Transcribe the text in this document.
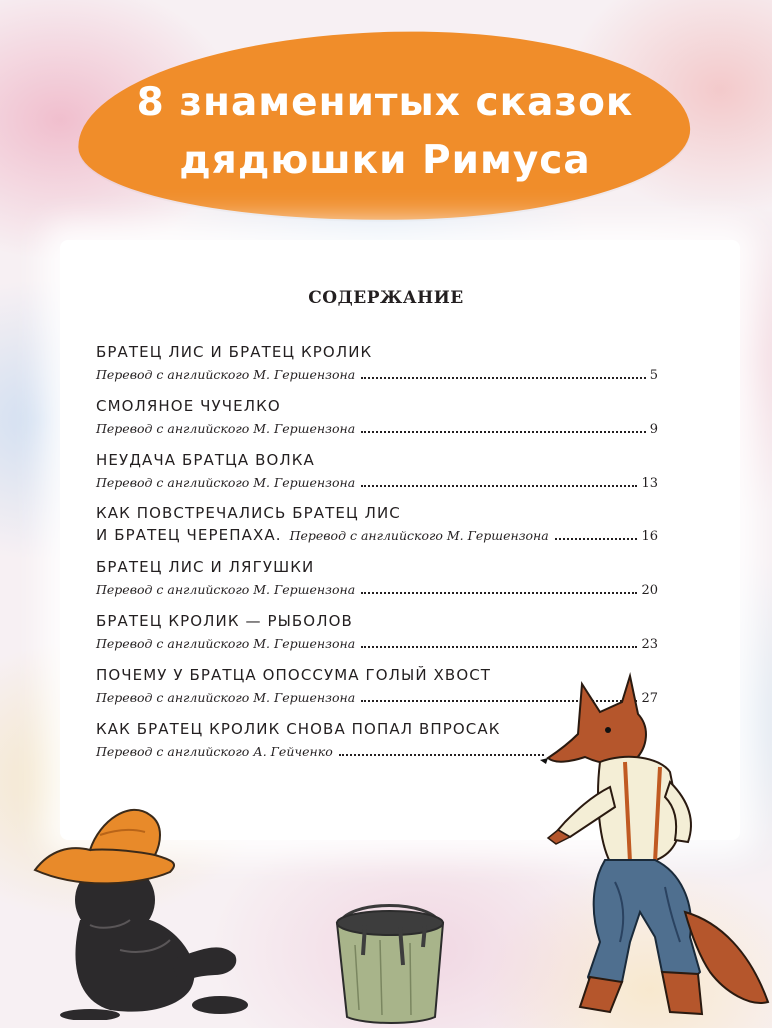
8 знаменитых сказок
дядюшки Римуса
СОДЕРЖАНИЕ
БРАТЕЦ ЛИС И БРАТЕЦ КРОЛИК
Перевод с английского М. Гершензона	5
СМОЛЯНОЕ ЧУЧЕЛКО
Перевод с английского М. Гершензона	9
НЕУДАЧА БРАТЦА ВОЛКА
Перевод с английского М. Гершензона	13
КАК ПОВСТРЕЧАЛИСЬ БРАТЕЦ ЛИС
И БРАТЕЦ ЧЕРЕПАХА. Перевод с английского М. Гершензона	16
БРАТЕЦ ЛИС И ЛЯГУШКИ
Перевод с английского М. Гершензона	20
БРАТЕЦ КРОЛИК — РЫБОЛОВ
Перевод с английского М. Гершензона	23
ПОЧЕМУ У БРАТЦА ОПОССУМА ГОЛЫЙ ХВОСТ
Перевод с английского М. Гершензона	27
КАК БРАТЕЦ КРОЛИК СНОВА ПОПАЛ ВПРОСАК
Перевод с английского А. Гейченко
